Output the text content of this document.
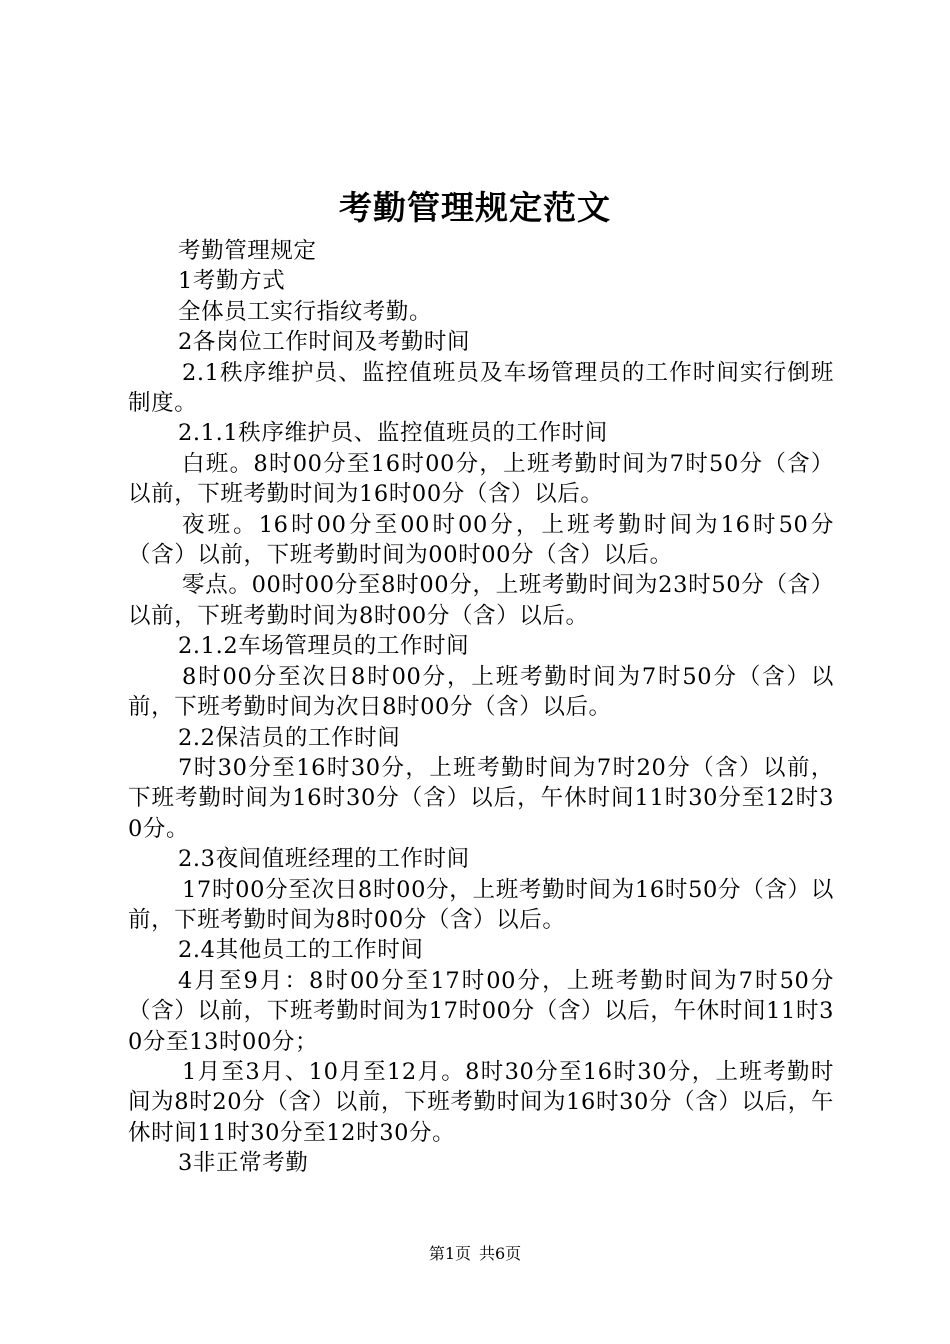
考勤管理规定范文

考勤管理规定

1考勤方式

全体员工实行指纹考勤。

2各岗位工作时间及考勤时间

2.1秩序维护员、监控值班员及车场管理员的工作时间实行倒班制度。

2.1.1秩序维护员、监控值班员的工作时间

白班。8时00分至16时00分，上班考勤时间为7时50分（含）以前，下班考勤时间为16时00分（含）以后。

夜班。16时00分至00时00分，上班考勤时间为16时50分（含）以前，下班考勤时间为00时00分（含）以后。

零点。00时00分至8时00分，上班考勤时间为23时50分（含）以前，下班考勤时间为8时00分（含）以后。

2.1.2车场管理员的工作时间

8时00分至次日8时00分，上班考勤时间为7时50分（含）以前，下班考勤时间为次日8时00分（含）以后。

2.2保洁员的工作时间

7时30分至16时30分，上班考勤时间为7时20分（含）以前，下班考勤时间为16时30分（含）以后，午休时间11时30分至12时30分。

2.3夜间值班经理的工作时间

17时00分至次日8时00分，上班考勤时间为16时50分（含）以前，下班考勤时间为8时00分（含）以后。

2.4其他员工的工作时间

4月至9月：8时00分至17时00分，上班考勤时间为7时50分（含）以前，下班考勤时间为17时00分（含）以后，午休时间11时30分至13时00分；

1月至3月、10月至12月。8时30分至16时30分，上班考勤时间为8时20分（含）以前，下班考勤时间为16时30分（含）以后，午休时间11时30分至12时30分。

3非正常考勤

第1页 共6页
